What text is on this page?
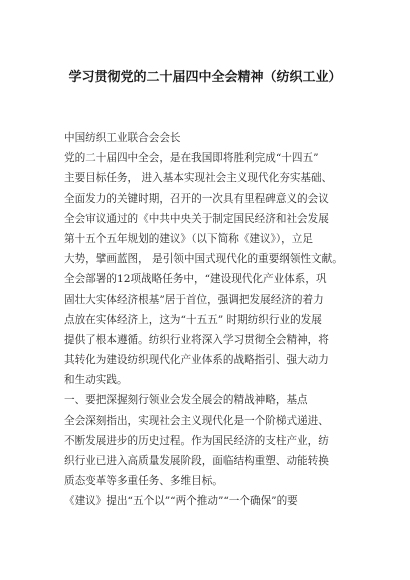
学习贯彻党的二十届四中全会精神（纺织工业）
中国纺织工业联合会会长
党的二十届四中全会，是在我国即将胜利完成“十四五”
主要目标任务， 进入基本实现社会主义现代化夯实基础、
全面发力的关键时期，召开的一次具有里程碑意义的会议
全会审议通过的《中共中央关于制定国民经济和社会发展
第十五个五年规划的建议》（以下简称《建议》），立足
大势，擘画蓝图， 是引领中国式现代化的重要纲领性文献。
全会部署的12项战略任务中，“建设现代化产业体系，巩
固壮大实体经济根基”居于首位，强调把发展经济的着力
点放在实体经济上，这为“十五五” 时期纺织行业的发展
提供了根本遵循。纺织行业将深入学习贯彻全会精神，将
其转化为建设纺织现代化产业体系的战略指引、强大动力
和生动实践。
一、要把深握刻行领业会发全展会的精战神略，基点
全会深刻指出，实现社会主义现代化是一个阶梯式递进、
不断发展进步的历史过程。作为国民经济的支柱产业，纺
织行业已进入高质量发展阶段，面临结构重塑、动能转换
质态变革等多重任务、多维目标。
《建议》提出“五个以”“两个推动”“一个确保”的要
